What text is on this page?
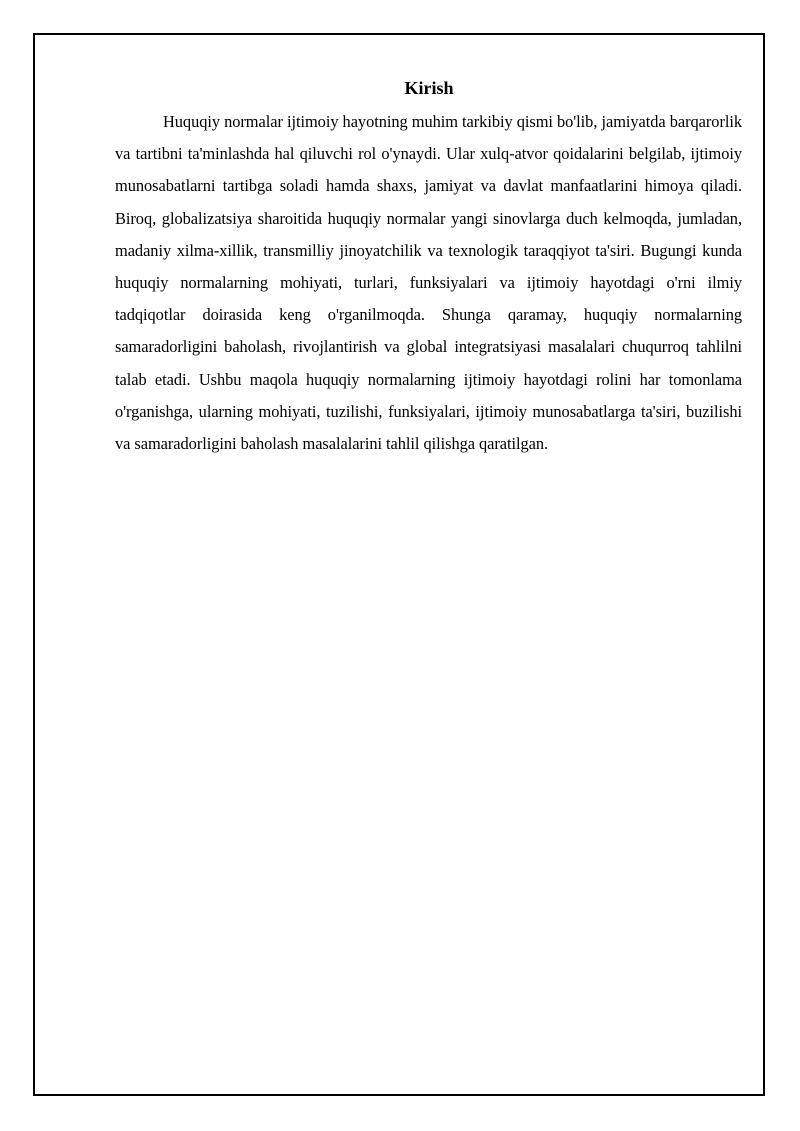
Kirish

Huquqiy normalar ijtimoiy hayotning muhim tarkibiy qismi bo'lib, jamiyatda barqarorlik va tartibni ta'minlashda hal qiluvchi rol o'ynaydi. Ular xulq-atvor qoidalarini belgilab, ijtimoiy munosabatlarni tartibga soladi hamda shaxs, jamiyat va davlat manfaatlarini himoya qiladi. Biroq, globalizatsiya sharoitida huquqiy normalar yangi sinovlarga duch kelmoqda, jumladan, madaniy xilma-xillik, transmilliy jinoyatchilik va texnologik taraqqiyot ta'siri. Bugungi kunda huquqiy normalarning mohiyati, turlari, funksiyalari va ijtimoiy hayotdagi o'rni ilmiy tadqiqotlar doirasida keng o'rganilmoqda. Shunga qaramay, huquqiy normalarning samaradorligini baholash, rivojlantirish va global integratsiyasi masalalari chuqurroq tahlilni talab etadi. Ushbu maqola huquqiy normalarning ijtimoiy hayotdagi rolini har tomonlama o'rganishga, ularning mohiyati, tuzilishi, funksiyalari, ijtimoiy munosabatlarga ta'siri, buzilishi va samaradorligini baholash masalalarini tahlil qilishga qaratilgan.
